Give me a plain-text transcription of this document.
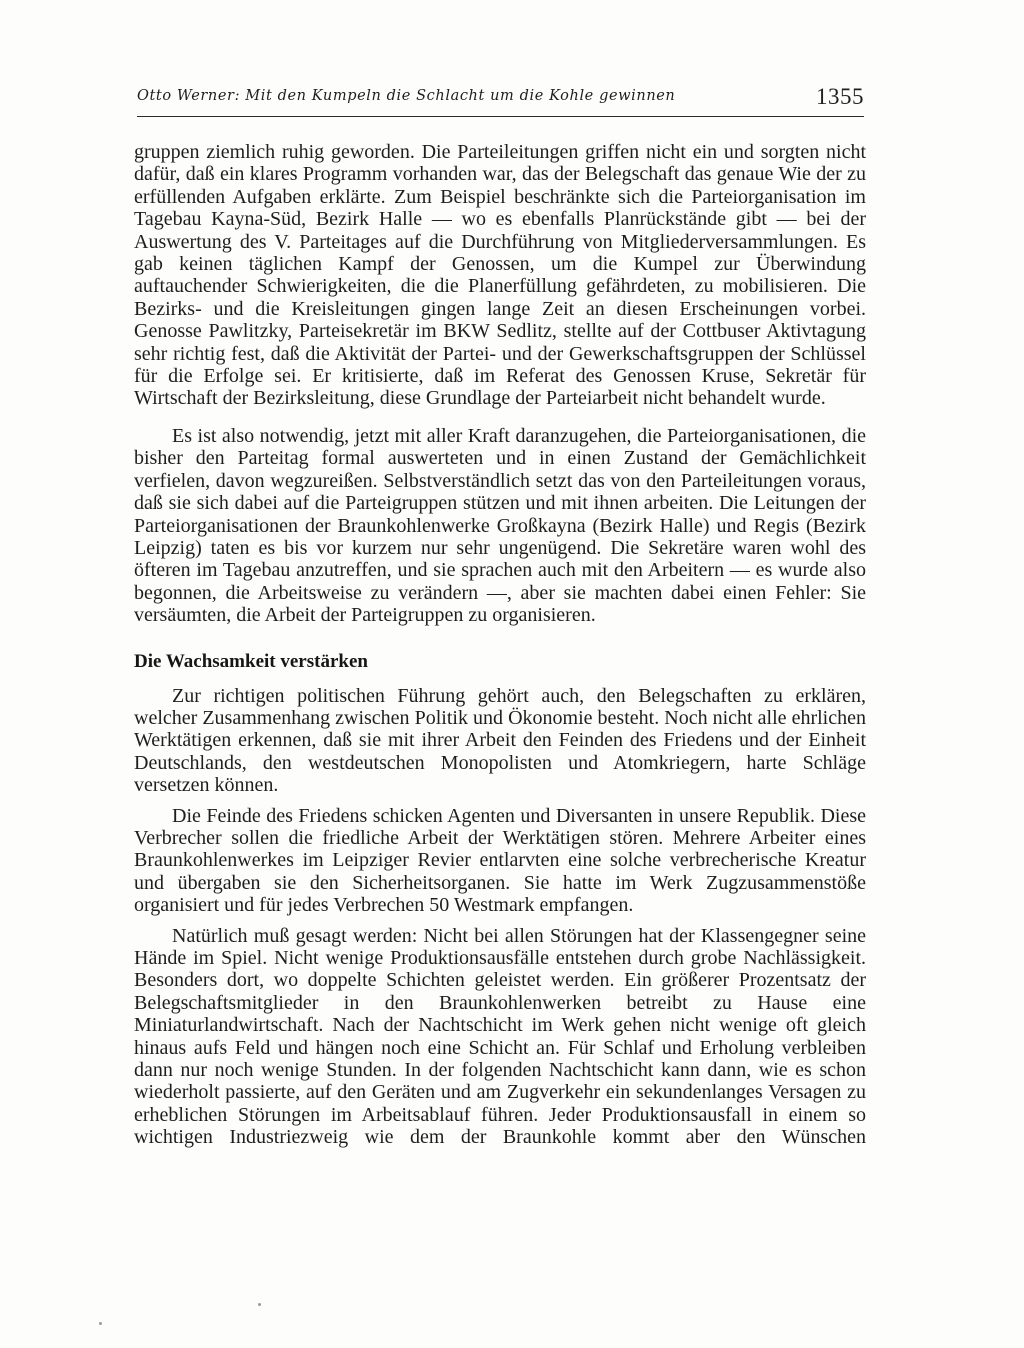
Otto Werner: Mit den Kumpeln die Schlacht um die Kohle gewinnen	1355

gruppen ziemlich ruhig geworden. Die Parteileitungen griffen nicht ein und sorgten nicht dafür, daß ein klares Programm vorhanden war, das der Belegschaft das genaue Wie der zu erfüllenden Aufgaben erklärte. Zum Beispiel beschränkte sich die Parteiorganisation im Tagebau Kayna-Süd, Bezirk Halle — wo es ebenfalls Planrückstände gibt — bei der Auswertung des V. Parteitages auf die Durchführung von Mitgliederversammlungen. Es gab keinen täglichen Kampf der Genossen, um die Kumpel zur Überwindung auftauchender Schwierigkeiten, die die Planerfüllung gefährdeten, zu mobilisieren. Die Bezirks- und die Kreisleitungen gingen lange Zeit an diesen Erscheinungen vorbei. Genosse Pawlitzky, Parteisekretär im BKW Sedlitz, stellte auf der Cottbuser Aktivtagung sehr richtig fest, daß die Aktivität der Partei- und der Gewerkschaftsgruppen der Schlüssel für die Erfolge sei. Er kritisierte, daß im Referat des Genossen Kruse, Sekretär für Wirtschaft der Bezirksleitung, diese Grundlage der Parteiarbeit nicht behandelt wurde.

Es ist also notwendig, jetzt mit aller Kraft daranzugehen, die Parteiorganisationen, die bisher den Parteitag formal auswerteten und in einen Zustand der Gemächlichkeit verfielen, davon wegzureißen. Selbstverständlich setzt das von den Parteileitungen voraus, daß sie sich dabei auf die Parteigruppen stützen und mit ihnen arbeiten. Die Leitungen der Parteiorganisationen der Braunkohlenwerke Großkayna (Bezirk Halle) und Regis (Bezirk Leipzig) taten es bis vor kurzem nur sehr ungenügend. Die Sekretäre waren wohl des öfteren im Tagebau anzutreffen, und sie sprachen auch mit den Arbeitern — es wurde also begonnen, die Arbeitsweise zu verändern —, aber sie machten dabei einen Fehler: Sie versäumten, die Arbeit der Parteigruppen zu organisieren.

Die Wachsamkeit verstärken

Zur richtigen politischen Führung gehört auch, den Belegschaften zu erklären, welcher Zusammenhang zwischen Politik und Ökonomie besteht. Noch nicht alle ehrlichen Werktätigen erkennen, daß sie mit ihrer Arbeit den Feinden des Friedens und der Einheit Deutschlands, den westdeutschen Monopolisten und Atomkriegern, harte Schläge versetzen können.

Die Feinde des Friedens schicken Agenten und Diversanten in unsere Republik. Diese Verbrecher sollen die friedliche Arbeit der Werktätigen stören. Mehrere Arbeiter eines Braunkohlenwerkes im Leipziger Revier entlarvten eine solche verbrecherische Kreatur und übergaben sie den Sicherheitsorganen. Sie hatte im Werk Zugzusammenstöße organisiert und für jedes Verbrechen 50 Westmark empfangen.

Natürlich muß gesagt werden: Nicht bei allen Störungen hat der Klassengegner seine Hände im Spiel. Nicht wenige Produktionsausfälle entstehen durch grobe Nachlässigkeit. Besonders dort, wo doppelte Schichten geleistet werden. Ein größerer Prozentsatz der Belegschaftsmitglieder in den Braunkohlenwerken betreibt zu Hause eine Miniaturlandwirtschaft. Nach der Nachtschicht im Werk gehen nicht wenige oft gleich hinaus aufs Feld und hängen noch eine Schicht an. Für Schlaf und Erholung verbleiben dann nur noch wenige Stunden. In der folgenden Nachtschicht kann dann, wie es schon wiederholt passierte, auf den Geräten und am Zugverkehr ein sekundenlanges Versagen zu erheblichen Störungen im Arbeitsablauf führen. Jeder Produktionsausfall in einem so wichtigen Industriezweig wie dem der Braunkohle kommt aber den Wünschen
